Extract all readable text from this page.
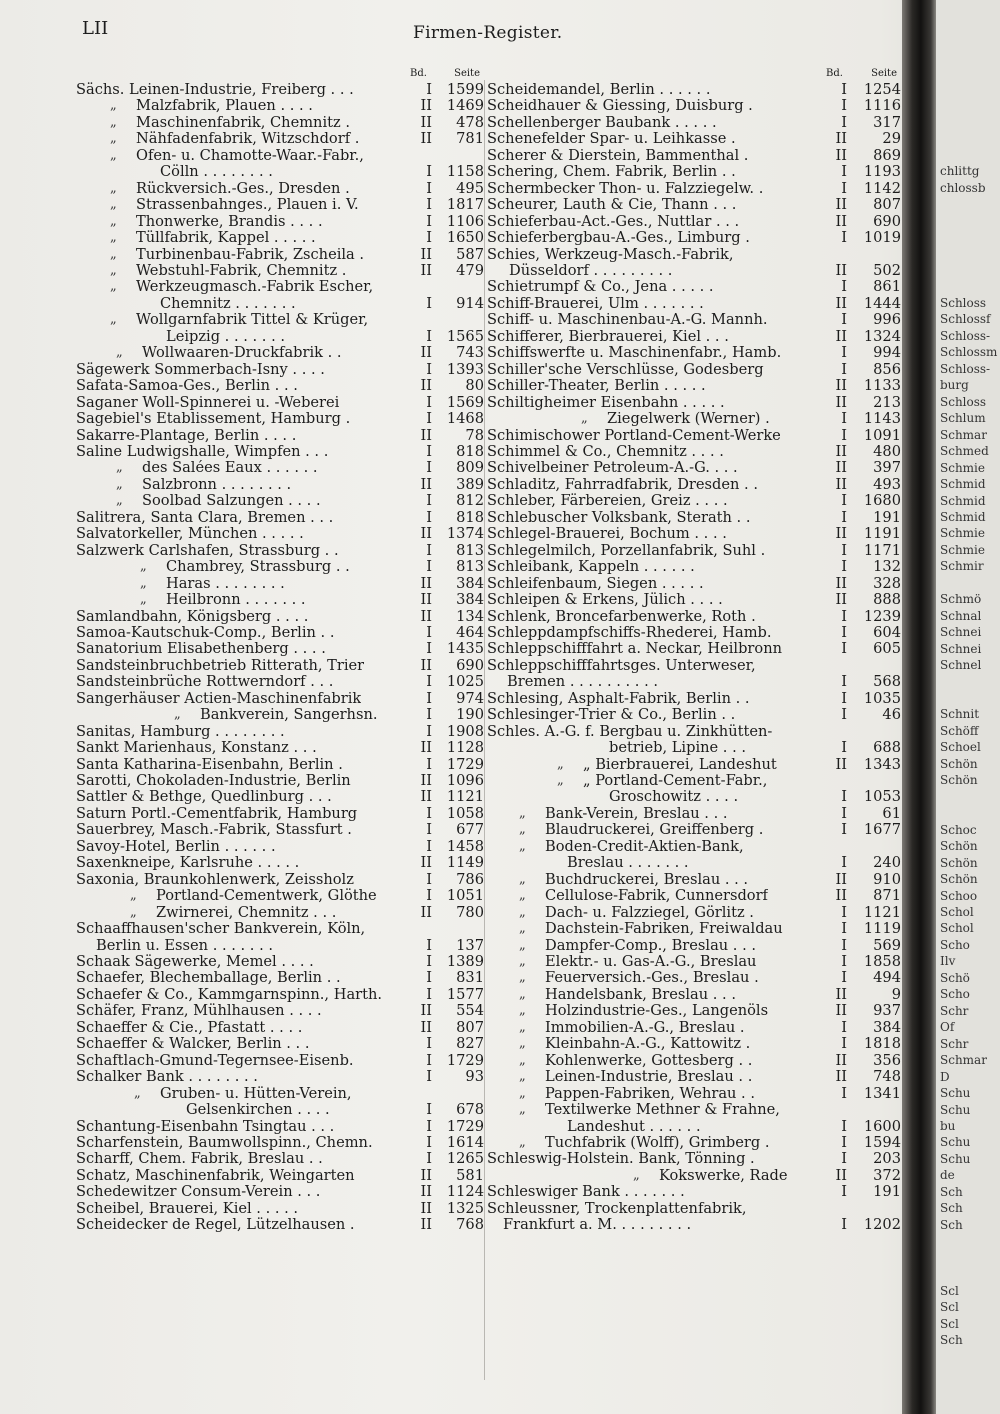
LII	Firmen-Register.
Bd.	Seite
Sächs. Leinen-Industrie, Freiberg . . .	I	1599
„ Malzfabrik, Plauen . . . .	II	1469
„ Maschinenfabrik, Chemnitz .	II	478
„ Nähfadenfabrik, Witzschdorf .	II	781
„ Ofen- u. Chamotte-Waar.-Fabr.,
Cölln . . . . . . . .	I	1158
„ Rückversich.-Ges., Dresden .	I	495
„ Strassenbahnges., Plauen i. V.	I	1817
„ Thonwerke, Brandis . . . .	I	1106
„ Tüllfabrik, Kappel . . . . .	I	1650
„ Turbinenbau-Fabrik, Zscheila .	II	587
„ Webstuhl-Fabrik, Chemnitz .	II	479
„ Werkzeugmasch.-Fabrik Escher,
Chemnitz . . . . . . .	I	914
„ Wollgarnfabrik Tittel & Krüger,
Leipzig . . . . . . .	I	1565
„ Wollwaaren-Druckfabrik . .	II	743
Sägewerk Sommerbach-Isny . . . .	I	1393
Safata-Samoa-Ges., Berlin . . .	II	80
Saganer Woll-Spinnerei u. -Weberei	I	1569
Sagebiel's Etablissement, Hamburg .	I	1468
Sakarre-Plantage, Berlin . . . .	II	78
Saline Ludwigshalle, Wimpfen . . .	I	818
„ des Salées Eaux . . . . . .	I	809
„ Salzbronn . . . . . . . .	II	389
„ Soolbad Salzungen . . . .	I	812
Salitrera, Santa Clara, Bremen . . .	I	818
Salvatorkeller, München . . . . .	II	1374
Salzwerk Carlshafen, Strassburg . .	I	813
„ Chambrey, Strassburg . .	I	813
„ Haras . . . . . . . .	II	384
„ Heilbronn . . . . . . .	II	384
Samlandbahn, Königsberg . . . .	II	134
Samoa-Kautschuk-Comp., Berlin . .	I	464
Sanatorium Elisabethenberg . . . .	I	1435
Sandsteinbruchbetrieb Ritterath, Trier	II	690
Sandsteinbrüche Rottwerndorf . . .	I	1025
Sangerhäuser Actien-Maschinenfabrik	I	974
„ Bankverein, Sangerhsn.	I	190
Sanitas, Hamburg . . . . . . . .	I	1908
Sankt Marienhaus, Konstanz . . .	II	1128
Santa Katharina-Eisenbahn, Berlin .	I	1729
Sarotti, Chokoladen-Industrie, Berlin	II	1096
Sattler & Bethge, Quedlinburg . . .	II	1121
Saturn Portl.-Cementfabrik, Hamburg	I	1058
Sauerbrey, Masch.-Fabrik, Stassfurt .	I	677
Savoy-Hotel, Berlin . . . . . .	I	1458
Saxenkneipe, Karlsruhe . . . . .	II	1149
Saxonia, Braunkohlenwerk, Zeissholz	I	786
„ Portland-Cementwerk, Glöthe	I	1051
„ Zwirnerei, Chemnitz . . .	II	780
Schaaffhausen'scher Bankverein, Köln,
Berlin u. Essen . . . . . . .	I	137
Schaak Sägewerke, Memel . . . .	I	1389
Schaefer, Blechemballage, Berlin . .	I	831
Schaefer & Co., Kammgarnspinn., Harth.	I	1577
Schäfer, Franz, Mühlhausen . . . .	II	554
Schaeffer & Cie., Pfastatt . . . .	II	807
Schaeffer & Walcker, Berlin . . .	I	827
Schaftlach-Gmund-Tegernsee-Eisenb.	I	1729
Schalker Bank . . . . . . . .	I	93
„ Gruben- u. Hütten-Verein,
Gelsenkirchen . . . .	I	678
Schantung-Eisenbahn Tsingtau . . .	I	1729
Scharfenstein, Baumwollspinn., Chemn.	I	1614
Scharff, Chem. Fabrik, Breslau . .	I	1265
Schatz, Maschinenfabrik, Weingarten	II	581
Schedewitzer Consum-Verein . . .	II	1124
Scheibel, Brauerei, Kiel . . . . .	II	1325
Scheidecker de Regel, Lützelhausen .	II	768
Bd.	Seite
Scheidemandel, Berlin . . . . . .	I	1254
Scheidhauer & Giessing, Duisburg .	I	1116
Schellenberger Baubank . . . . .	I	317
Schenefelder Spar- u. Leihkasse .	II	29
Scherer & Dierstein, Bammenthal .	II	869
Schering, Chem. Fabrik, Berlin . .	I	1193
Schermbecker Thon- u. Falzziegelw. .	I	1142
Scheurer, Lauth & Cie, Thann . . .	II	807
Schieferbau-Act.-Ges., Nuttlar . . .	II	690
Schieferbergbau-A.-Ges., Limburg .	I	1019
Schies, Werkzeug-Masch.-Fabrik,
Düsseldorf . . . . . . . . .	II	502
Schietrumpf & Co., Jena . . . . .	I	861
Schiff-Brauerei, Ulm . . . . . . .	II	1444
Schiff- u. Maschinenbau-A.-G. Mannh.	I	996
Schifferer, Bierbrauerei, Kiel . . .	II	1324
Schiffswerfte u. Maschinenfabr., Hamb.	I	994
Schiller'sche Verschlüsse, Godesberg	I	856
Schiller-Theater, Berlin . . . . .	II	1133
Schiltigheimer Eisenbahn . . . . .	II	213
„ Ziegelwerk (Werner) .	I	1143
Schimischower Portland-Cement-Werke	I	1091
Schimmel & Co., Chemnitz . . . .	II	480
Schivelbeiner Petroleum-A.-G. . . .	II	397
Schladitz, Fahrradfabrik, Dresden . .	II	493
Schleber, Färbereien, Greiz . . . .	I	1680
Schlebuscher Volksbank, Sterath . .	I	191
Schlegel-Brauerei, Bochum . . . .	II	1191
Schlegelmilch, Porzellanfabrik, Suhl .	I	1171
Schleibank, Kappeln . . . . . .	I	132
Schleifenbaum, Siegen . . . . .	II	328
Schleipen & Erkens, Jülich . . . .	II	888
Schlenk, Broncefarbenwerke, Roth .	I	1239
Schleppdampfschiffs-Rhederei, Hamb.	I	604
Schleppschifffahrt a. Neckar, Heilbronn	I	605
Schleppschifffahrtsges. Unterweser,
Bremen . . . . . . . . . .	I	568
Schlesing, Asphalt-Fabrik, Berlin . .	I	1035
Schlesinger-Trier & Co., Berlin . .	I	46
Schles. A.-G. f. Bergbau u. Zinkhütten-
betrieb, Lipine . . .	I	688
„ „ Bierbrauerei, Landeshut	II	1343
„ „ Portland-Cement-Fabr.,
Groschowitz . . . .	I	1053
„ Bank-Verein, Breslau . . .	I	61
„ Blaudruckerei, Greiffenberg .	I	1677
„ Boden-Credit-Aktien-Bank,
Breslau . . . . . . .	I	240
„ Buchdruckerei, Breslau . . .	II	910
„ Cellulose-Fabrik, Cunnersdorf	II	871
„ Dach- u. Falzziegel, Görlitz .	I	1121
„ Dachstein-Fabriken, Freiwaldau	I	1119
„ Dampfer-Comp., Breslau . . .	I	569
„ Elektr.- u. Gas-A.-G., Breslau	I	1858
„ Feuerversich.-Ges., Breslau .	I	494
„ Handelsbank, Breslau . . .	II	9
„ Holzindustrie-Ges., Langenöls	II	937
„ Immobilien-A.-G., Breslau .	I	384
„ Kleinbahn-A.-G., Kattowitz .	I	1818
„ Kohlenwerke, Gottesberg . .	II	356
„ Leinen-Industrie, Breslau . .	II	748
„ Pappen-Fabriken, Wehrau . .	I	1341
„ Textilwerke Methner & Frahne,
Landeshut . . . . . .	I	1600
„ Tuchfabrik (Wolff), Grimberg .	I	1594
Schleswig-Holstein. Bank, Tönning .	I	203
„ Kokswerke, Rade	II	372
Schleswiger Bank . . . . . . .	I	191
Schleussner, Trockenplattenfabrik,
Frankfurt a. M. . . . . . . . .	I	1202
chlittg
chlossb
Schloss
Schlossf
Schloss-
Schlossm
Schloss-
burg
Schloss
Schlum
Schmar
Schmed
Schmie
Schmid
Schmid
Schmid
Schmie
Schmie
Schmir
Schmö
Schnal
Schnei
Schnei
Schnel
Schnit
Schöff
Schoel
Schön
Schön
Schoc
Schön
Schön
Schön
Schoo
Schol
Schol
Scho
Ilv
Schö
Scho
Schr
Of
Schr
Schmar
D
Schu
Schu
bu
Schu
Schu
de
Sch
Sch
Sch
Scl
Scl
Scl
Sch
